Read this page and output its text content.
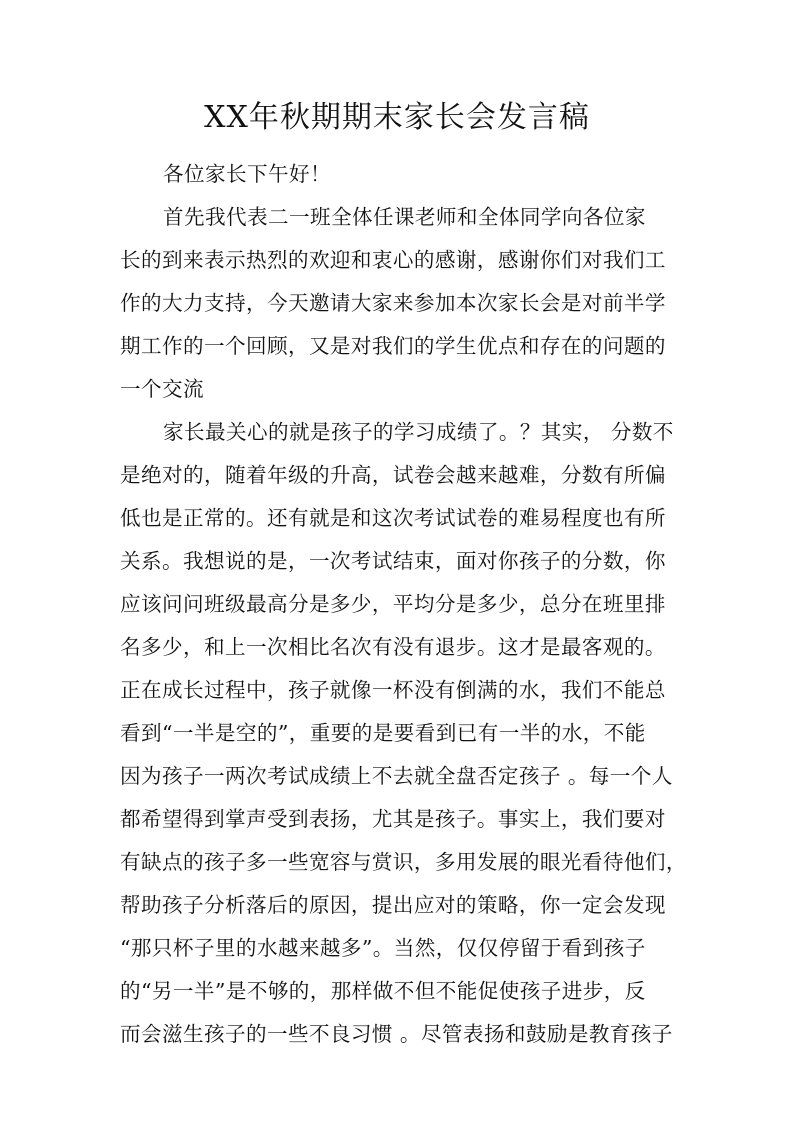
XX年秋期期末家长会发言稿
各位家长下午好！
首先我代表二一班全体任课老师和全体同学向各位家
长的到来表示热烈的欢迎和衷心的感谢，感谢你们对我们工
作的大力支持，今天邀请大家来参加本次家长会是对前半学
期工作的一个回顾，又是对我们的学生优点和存在的问题的
一个交流
家长最关心的就是孩子的学习成绩了。？其实， 分数不
是绝对的，随着年级的升高，试卷会越来越难，分数有所偏
低也是正常的。还有就是和这次考试试卷的难易程度也有所
关系。我想说的是，一次考试结束，面对你孩子的分数，你
应该问问班级最高分是多少，平均分是多少，总分在班里排
名多少，和上一次相比名次有没有退步。这才是最客观的。
正在成长过程中，孩子就像一杯没有倒满的水，我们不能总
看到“一半是空的”，重要的是要看到已有一半的水，不能
因为孩子一两次考试成绩上不去就全盘否定孩子 。每一个人
都希望得到掌声受到表扬，尤其是孩子。事实上，我们要对
有缺点的孩子多一些宽容与赏识，多用发展的眼光看待他们，
帮助孩子分析落后的原因，提出应对的策略，你一定会发现
“那只杯子里的水越来越多”。当然，仅仅停留于看到孩子
的“另一半”是不够的，那样做不但不能促使孩子进步，反
而会滋生孩子的一些不良习惯 。尽管表扬和鼓励是教育孩子
